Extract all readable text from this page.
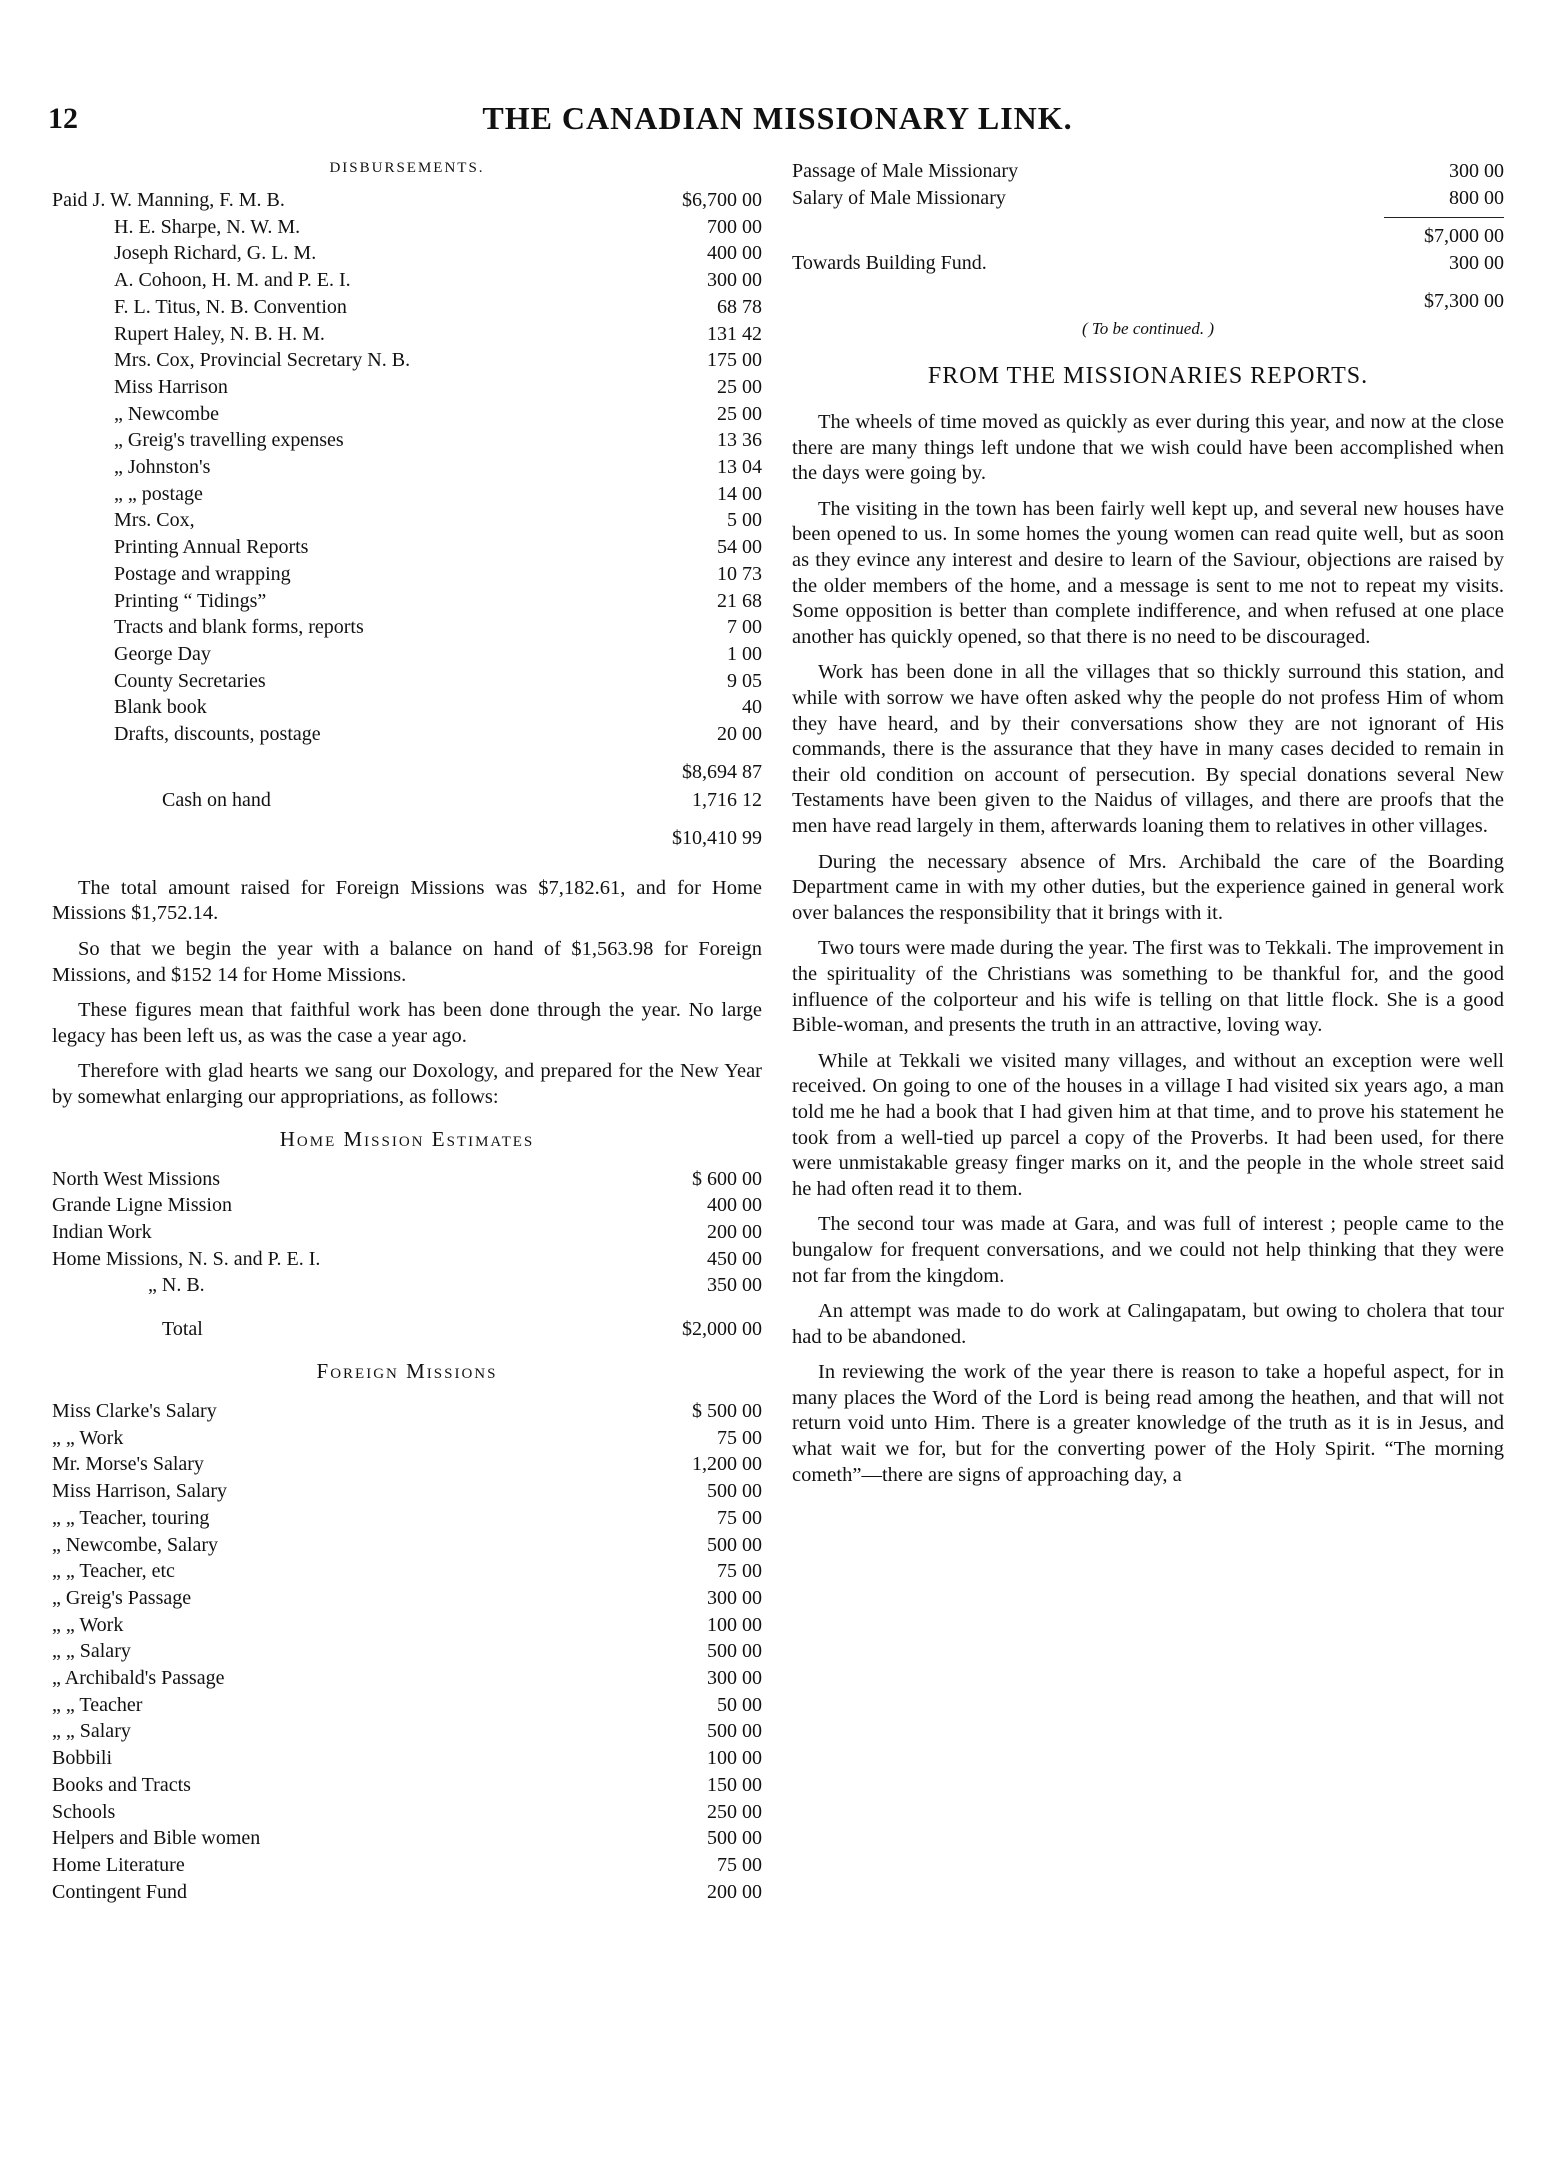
12	THE CANADIAN MISSIONARY LINK.
DISBURSEMENTS.
Paid J. W. Manning, F. M. B.	$6,700 00
H. E. Sharpe, N. W. M.	700 00
Joseph Richard, G. L. M.	400 00
A. Cohoon, H. M. and P. E. I.	300 00
F. L. Titus, N. B. Convention	68 78
Rupert Haley, N. B. H. M.	131 42
Mrs. Cox, Provincial Secretary N. B.	175 00
Miss Harrison	25 00
„ Newcombe	25 00
„ Greig's travelling expenses	13 36
„ Johnston's	13 04
„ „ postage	14 00
Mrs. Cox,	5 00
Printing Annual Reports	54 00
Postage and wrapping	10 73
Printing “ Tidings”	21 68
Tracts and blank forms, reports	7 00
George Day	1 00
County Secretaries	9 05
Blank book	40
Drafts, discounts, postage	20 00
$8,694 87
Cash on hand	1,716 12
$10,410 99

The total amount raised for Foreign Missions was $7,182.61, and for Home Missions $1,752.14.

So that we begin the year with a balance on hand of $1,563.98 for Foreign Missions, and $152 14 for Home Missions.

These figures mean that faithful work has been done through the year. No large legacy has been left us, as was the case a year ago.

Therefore with glad hearts we sang our Doxology, and prepared for the New Year by somewhat enlarging our appropriations, as follows:

Home Mission Estimates
North West Missions	$ 600 00
Grande Ligne Mission	400 00
Indian Work	200 00
Home Missions, N. S. and P. E. I.	450 00
„ N. B.	350 00
Total	$2,000 00
Foreign Missions
Miss Clarke's Salary	$ 500 00
„ „ Work	75 00
Mr. Morse's Salary	1,200 00
Miss Harrison, Salary	500 00
„ „ Teacher, touring	75 00
„ Newcombe, Salary	500 00
„ „ Teacher, etc	75 00
„ Greig's Passage	300 00
„ „ Work	100 00
„ „ Salary	500 00
„ Archibald's Passage	300 00
„ „ Teacher	50 00
„ „ Salary	500 00
Bobbili	100 00
Books and Tracts	150 00
Schools	250 00
Helpers and Bible women	500 00
Home Literature	75 00
Contingent Fund	200 00
Passage of Male Missionary	300 00
Salary of Male Missionary	800 00
$7,000 00
Towards Building Fund.	300 00
$7,300 00
( To be continued. )
FROM THE MISSIONARIES REPORTS.

The wheels of time moved as quickly as ever during this year, and now at the close there are many things left undone that we wish could have been accomplished when the days were going by.

The visiting in the town has been fairly well kept up, and several new houses have been opened to us. In some homes the young women can read quite well, but as soon as they evince any interest and desire to learn of the Saviour, objections are raised by the older members of the home, and a message is sent to me not to repeat my visits. Some opposition is better than complete indifference, and when refused at one place another has quickly opened, so that there is no need to be discouraged.

Work has been done in all the villages that so thickly surround this station, and while with sorrow we have often asked why the people do not profess Him of whom they have heard, and by their conversations show they are not ignorant of His commands, there is the assurance that they have in many cases decided to remain in their old condition on account of persecution. By special donations several New Testaments have been given to the Naidus of villages, and there are proofs that the men have read largely in them, afterwards loaning them to relatives in other villages.

During the necessary absence of Mrs. Archibald the care of the Boarding Department came in with my other duties, but the experience gained in general work over balances the responsibility that it brings with it.

Two tours were made during the year. The first was to Tekkali. The improvement in the spirituality of the Christians was something to be thankful for, and the good influence of the colporteur and his wife is telling on that little flock. She is a good Bible-woman, and presents the truth in an attractive, loving way.

While at Tekkali we visited many villages, and without an exception were well received. On going to one of the houses in a village I had visited six years ago, a man told me he had a book that I had given him at that time, and to prove his statement he took from a well-tied up parcel a copy of the Proverbs. It had been used, for there were unmistakable greasy finger marks on it, and the people in the whole street said he had often read it to them.

The second tour was made at Gara, and was full of interest ; people came to the bungalow for frequent conversations, and we could not help thinking that they were not far from the kingdom.

An attempt was made to do work at Calingapatam, but owing to cholera that tour had to be abandoned.

In reviewing the work of the year there is reason to take a hopeful aspect, for in many places the Word of the Lord is being read among the heathen, and that will not return void unto Him. There is a greater knowledge of the truth as it is in Jesus, and what wait we for, but for the converting power of the Holy Spirit. “The morning cometh”—there are signs of approaching day, a
